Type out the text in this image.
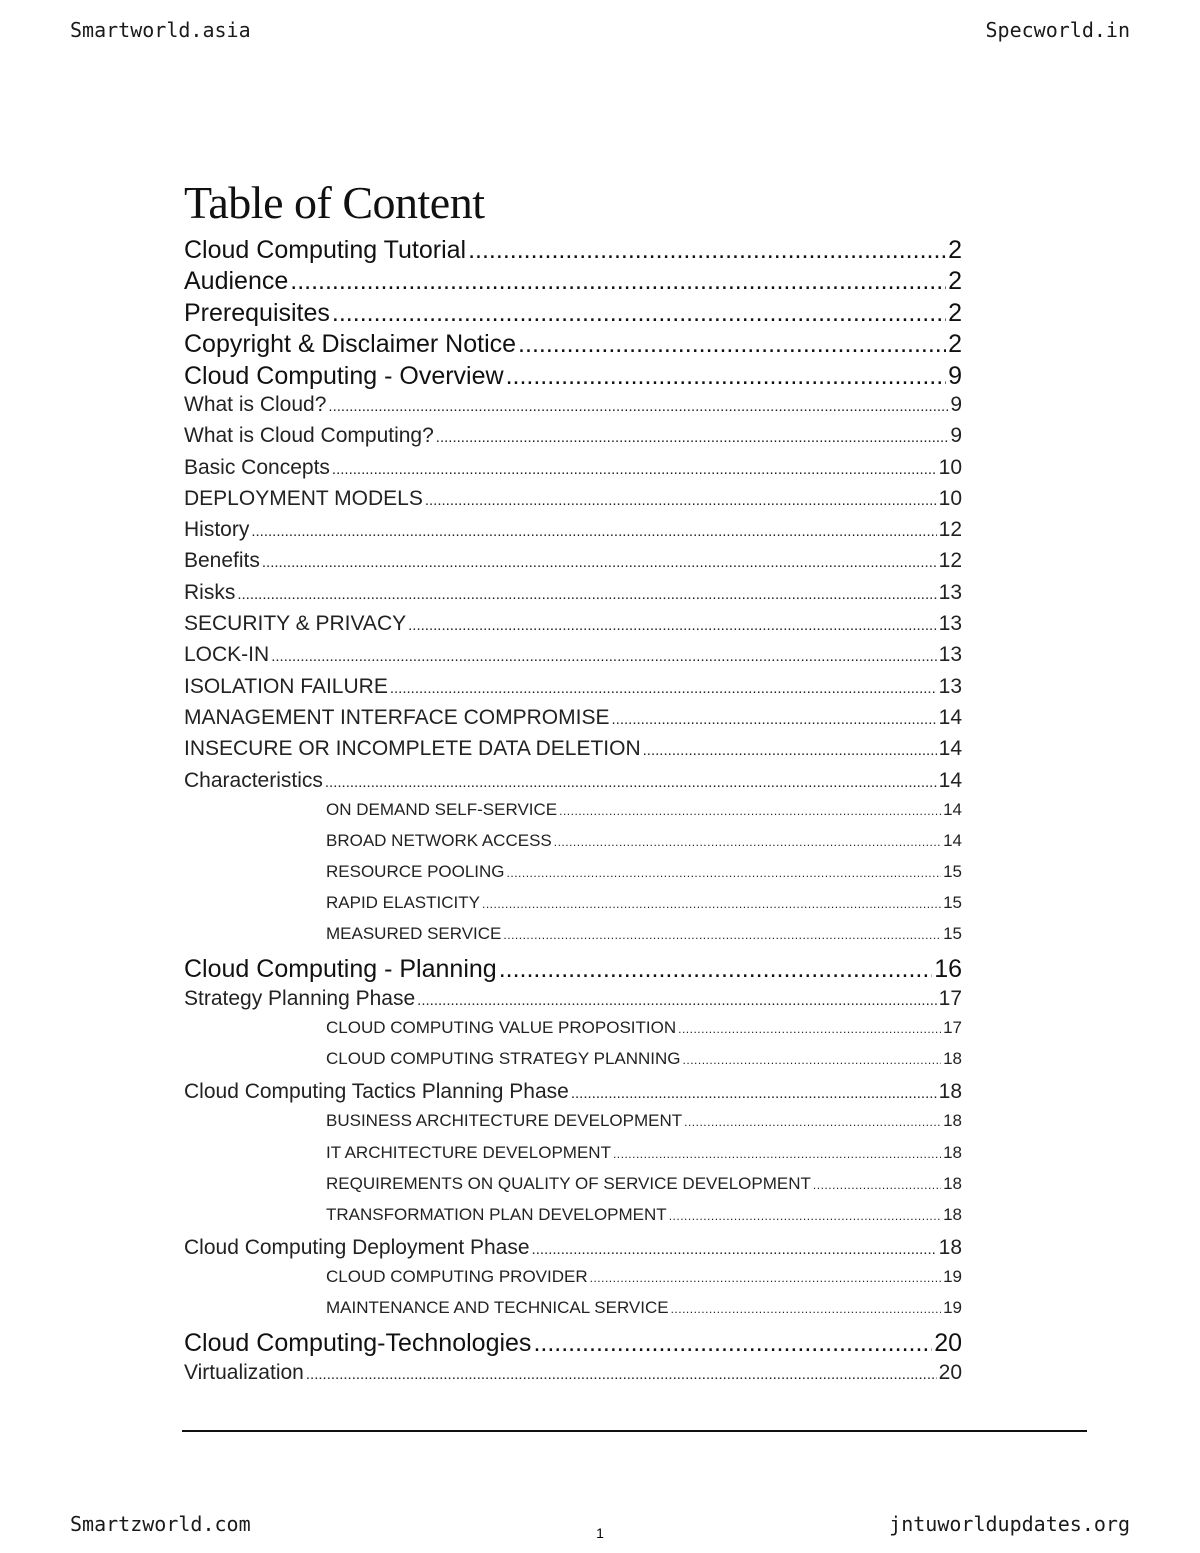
Smartworld.asia	Specworld.in
Table of Content
Cloud Computing Tutorial .....	2
Audience .....	2
Prerequisites .....	2
Copyright & Disclaimer Notice .....	2
Cloud Computing - Overview .....	9
What is Cloud? .....	9
What is Cloud Computing? .....	9
Basic Concepts .....	10
DEPLOYMENT MODELS .....	10
History .....	12
Benefits .....	12
Risks .....	13
SECURITY & PRIVACY .....	13
LOCK-IN .....	13
ISOLATION FAILURE .....	13
MANAGEMENT INTERFACE COMPROMISE .....	14
INSECURE OR INCOMPLETE DATA DELETION .....	14
Characteristics .....	14
ON DEMAND SELF-SERVICE .....	14
BROAD NETWORK ACCESS .....	14
RESOURCE POOLING .....	15
RAPID ELASTICITY .....	15
MEASURED SERVICE .....	15
Cloud Computing - Planning .....	16
Strategy Planning Phase .....	17
CLOUD COMPUTING VALUE PROPOSITION .....	17
CLOUD COMPUTING STRATEGY PLANNING .....	18
Cloud Computing Tactics Planning Phase .....	18
BUSINESS ARCHITECTURE DEVELOPMENT .....	18
IT ARCHITECTURE DEVELOPMENT .....	18
REQUIREMENTS ON QUALITY OF SERVICE DEVELOPMENT .....	18
TRANSFORMATION PLAN DEVELOPMENT .....	18
Cloud Computing Deployment Phase .....	18
CLOUD COMPUTING PROVIDER .....	19
MAINTENANCE AND TECHNICAL SERVICE .....	19
Cloud Computing-Technologies .....	20
Virtualization .....	20
Smartzworld.com	1	jntuworldupdates.org
